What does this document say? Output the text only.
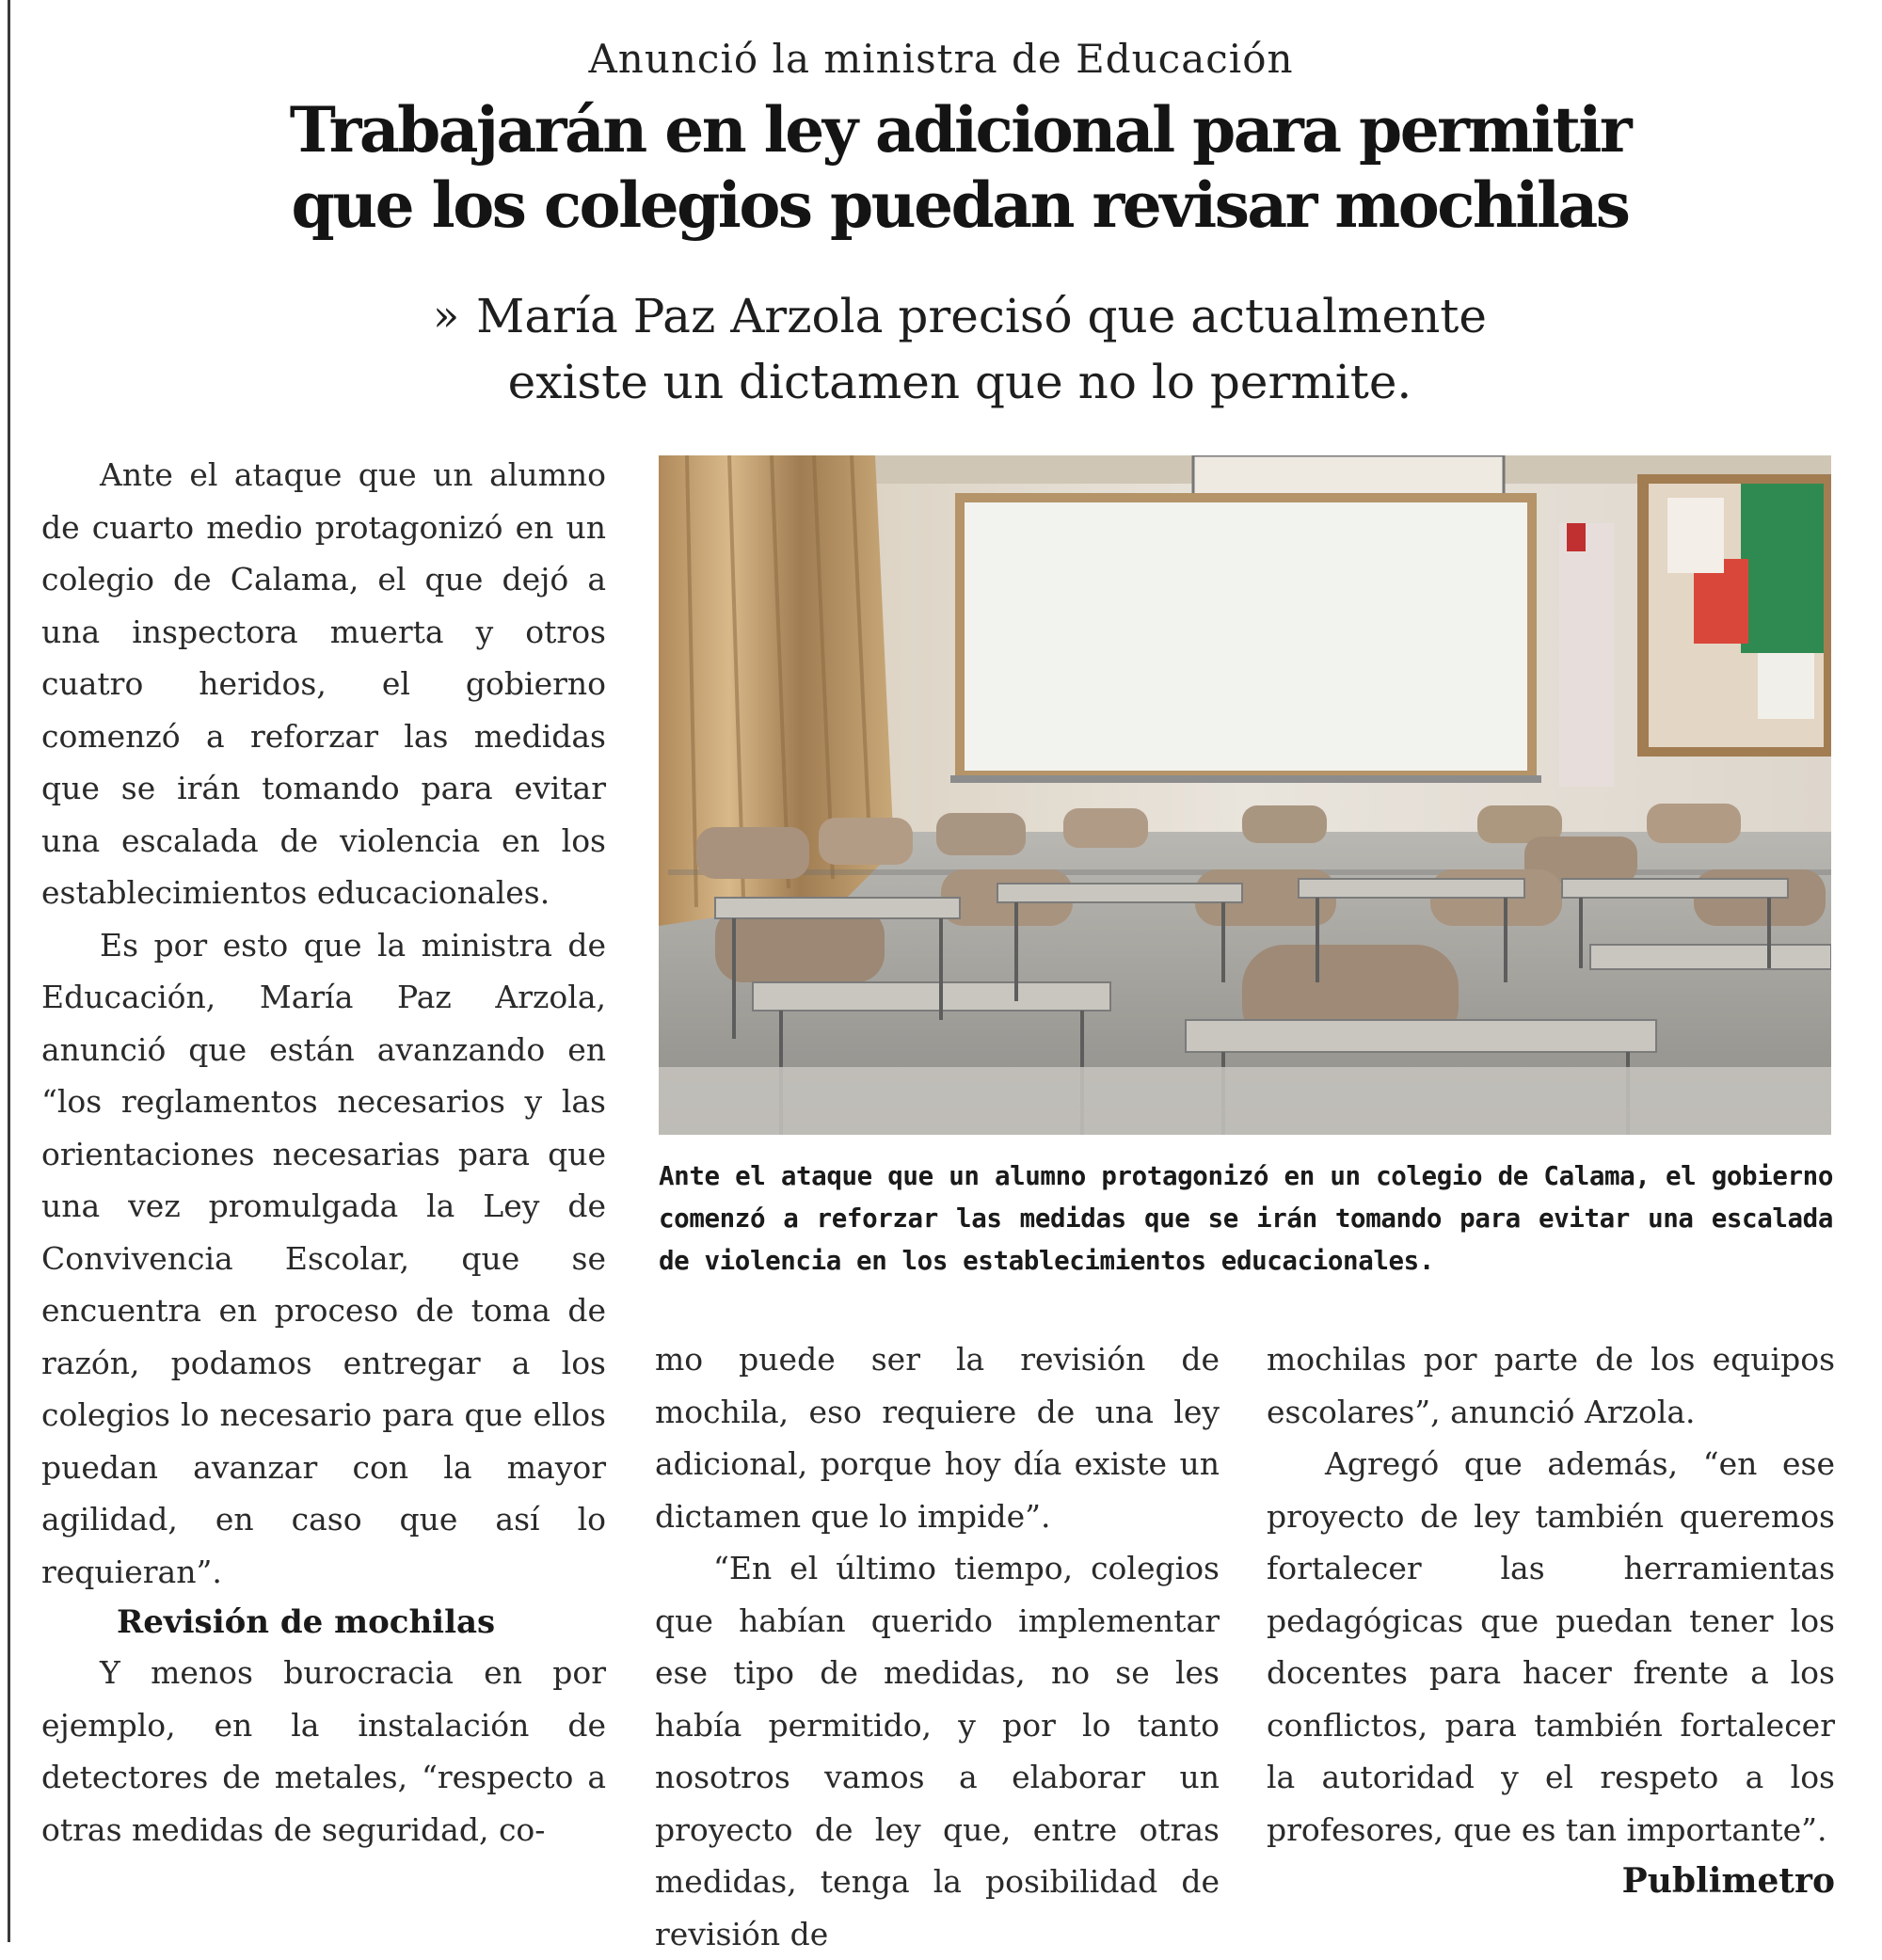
Anunció la ministra de Educación
Trabajarán en ley adicional para permitir que los colegios puedan revisar mochilas
» María Paz Arzola precisó que actualmente existe un dictamen que no lo permite.

Ante el ataque que un alumno de cuarto medio protagonizó en un colegio de Calama, el que dejó a una inspectora muerta y otros cuatro heridos, el gobierno comenzó a reforzar las medidas que se irán tomando para evitar una escalada de violencia en los establecimientos educacionales.

Es por esto que la ministra de Educación, María Paz Arzola, anunció que están avanzando en “los reglamentos necesarios y las orientaciones necesarias para que una vez promulgada la Ley de Convivencia Escolar, que se encuentra en proceso de toma de razón, podamos entregar a los colegios lo necesario para que ellos puedan avanzar con la mayor agilidad, en caso que así lo requieran”.

Revisión de mochilas

Y menos burocracia en por ejemplo, en la instalación de detectores de metales, “respecto a otras medidas de seguridad, co-

Ante el ataque que un alumno protagonizó en un colegio de Calama, el gobierno comenzó a reforzar las medidas que se irán tomando para evitar una escalada de violencia en los establecimientos educacionales.

mo puede ser la revisión de mochila, eso requiere de una ley adicional, porque hoy día existe un dictamen que lo impide”.

“En el último tiempo, colegios que habían querido implementar ese tipo de medidas, no se les había permitido, y por lo tanto nosotros vamos a elaborar un proyecto de ley que, entre otras medidas, tenga la posibilidad de revisión de

mochilas por parte de los equipos escolares”, anunció Arzola.

Agregó que además, “en ese proyecto de ley también queremos fortalecer las herramientas pedagógicas que puedan tener los docentes para hacer frente a los conflictos, para también fortalecer la autoridad y el respeto a los profesores, que es tan importante”.

Publimetro
